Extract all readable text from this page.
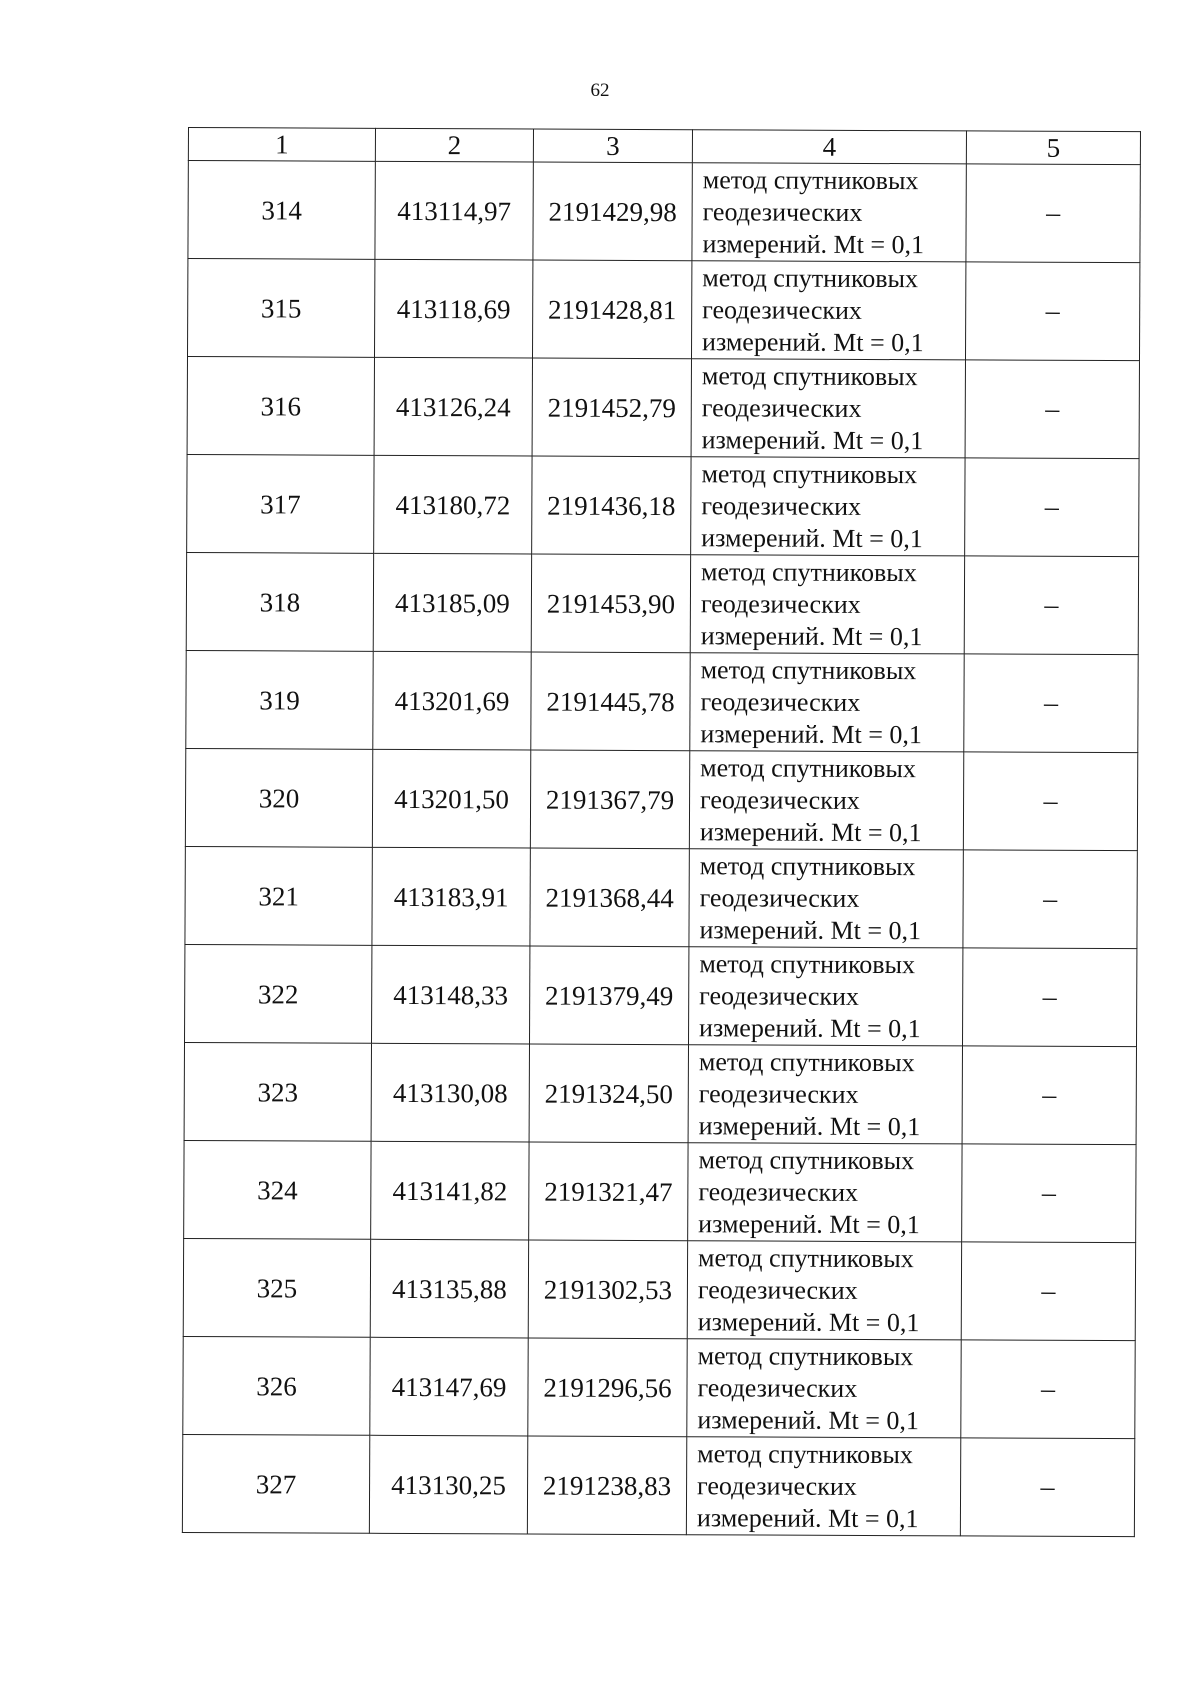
62
1	2	3	4	5
314	413114,97	2191429,98	метод спутниковых
геодезических
измерений. Mt = 0,1	–
315	413118,69	2191428,81	метод спутниковых
геодезических
измерений. Mt = 0,1	–
316	413126,24	2191452,79	метод спутниковых
геодезических
измерений. Mt = 0,1	–
317	413180,72	2191436,18	метод спутниковых
геодезических
измерений. Mt = 0,1	–
318	413185,09	2191453,90	метод спутниковых
геодезических
измерений. Mt = 0,1	–
319	413201,69	2191445,78	метод спутниковых
геодезических
измерений. Mt = 0,1	–
320	413201,50	2191367,79	метод спутниковых
геодезических
измерений. Mt = 0,1	–
321	413183,91	2191368,44	метод спутниковых
геодезических
измерений. Mt = 0,1	–
322	413148,33	2191379,49	метод спутниковых
геодезических
измерений. Mt = 0,1	–
323	413130,08	2191324,50	метод спутниковых
геодезических
измерений. Mt = 0,1	–
324	413141,82	2191321,47	метод спутниковых
геодезических
измерений. Mt = 0,1	–
325	413135,88	2191302,53	метод спутниковых
геодезических
измерений. Mt = 0,1	–
326	413147,69	2191296,56	метод спутниковых
геодезических
измерений. Mt = 0,1	–
327	413130,25	2191238,83	метод спутниковых
геодезических
измерений. Mt = 0,1	–
